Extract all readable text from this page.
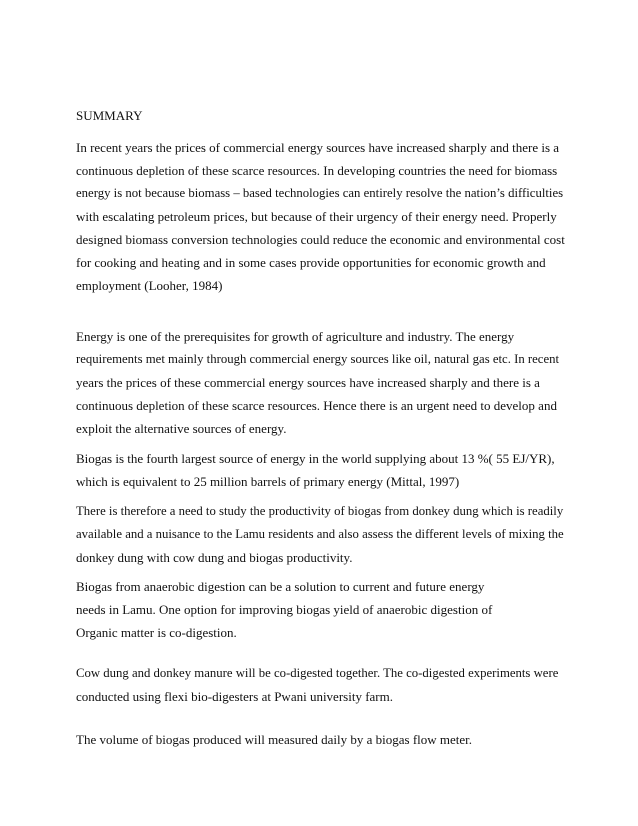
SUMMARY
In recent years the prices of commercial energy sources have increased sharply and there is a
continuous depletion of these scarce resources. In developing countries the need for biomass
energy is not because biomass – based technologies can entirely resolve the nation’s difficulties
with escalating petroleum prices, but because of their urgency of their energy need. Properly
designed biomass conversion technologies could reduce the economic and environmental cost
for cooking and heating and in some cases provide opportunities for economic growth and
employment (Looher, 1984)
Energy is one of the prerequisites for growth of agriculture and industry. The energy
requirements met mainly through commercial energy sources like oil, natural gas etc. In recent
years the prices of these commercial energy sources have increased sharply and there is a
continuous depletion of these scarce resources. Hence there is an urgent need to develop and
exploit the alternative sources of energy.
Biogas is the fourth largest source of energy in the world supplying about 13 %( 55 EJ/YR),
which is equivalent to 25 million barrels of primary energy (Mittal, 1997)
There is therefore a need to study the productivity of biogas from donkey dung which is readily
available and a nuisance to the Lamu residents and also assess the different levels of mixing the
donkey dung with cow dung and biogas productivity.
Biogas from anaerobic digestion can be a solution to current and future energy
needs in Lamu. One option for improving biogas yield of anaerobic digestion of
Organic matter is co-digestion.
Cow dung and donkey manure will be co-digested together. The co-digested experiments were
conducted using flexi bio-digesters at Pwani university farm.
The volume of biogas produced will measured daily by a biogas flow meter.
